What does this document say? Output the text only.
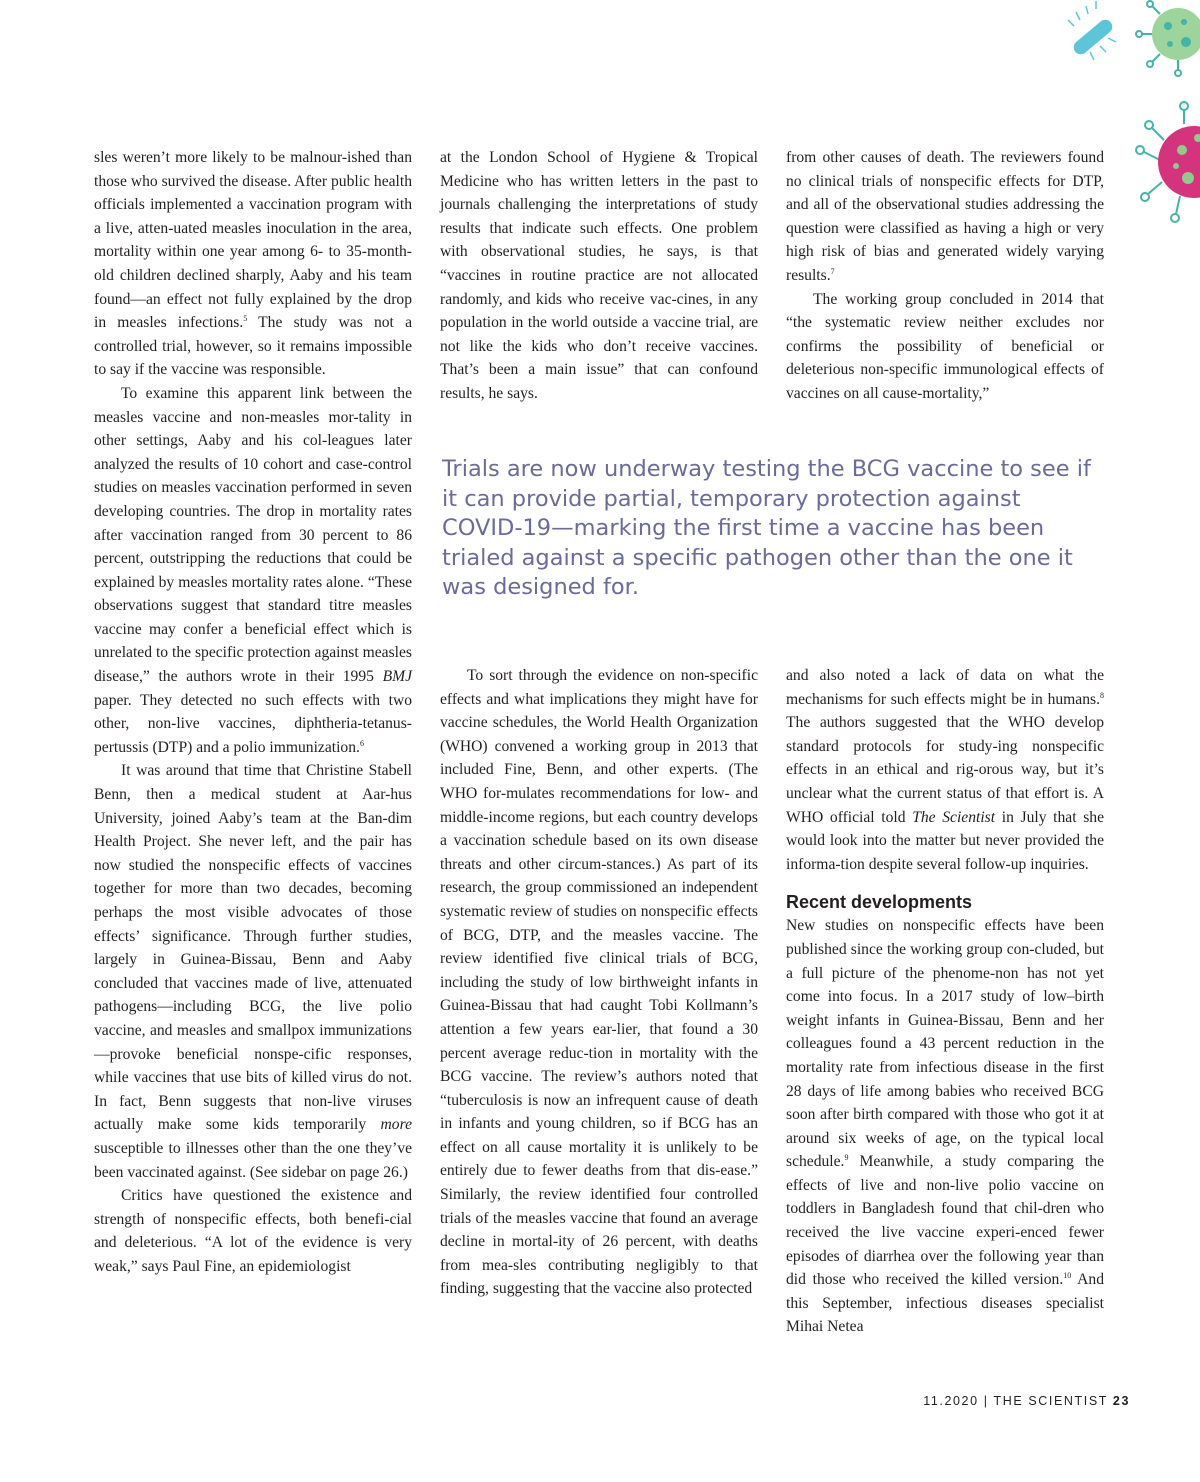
sles weren’t more likely to be malnour-ished than those who survived the disease. After public health officials implemented a vaccination program with a live, atten-uated measles inoculation in the area, mortality within one year among 6- to 35-month-old children declined sharply, Aaby and his team found—an effect not fully explained by the drop in measles infections.$^5$ The study was not a controlled trial, however, so it remains impossible to say if the vaccine was responsible.

To examine this apparent link between the measles vaccine and non-measles mor-tality in other settings, Aaby and his col-leagues later analyzed the results of 10 cohort and case-control studies on measles vaccination performed in seven developing countries. The drop in mortality rates after vaccination ranged from 30 percent to 86 percent, outstripping the reductions that could be explained by measles mortality rates alone. “These observations suggest that standard titre measles vaccine may confer a beneficial effect which is unrelated to the specific protection against measles disease,” the authors wrote in their 1995 BMJ paper. They detected no such effects with two other, non-live vaccines, diphtheria-tetanus-pertussis (DTP) and a polio immunization.$^6$

It was around that time that Christine Stabell Benn, then a medical student at Aar-hus University, joined Aaby’s team at the Ban-dim Health Project. She never left, and the pair has now studied the nonspecific effects of vaccines together for more than two decades, becoming perhaps the most visible advocates of those effects’ significance. Through further studies, largely in Guinea-Bissau, Benn and Aaby concluded that vaccines made of live, attenuated pathogens—including BCG, the live polio vaccine, and measles and smallpox immunizations—provoke beneficial nonspe-cific responses, while vaccines that use bits of killed virus do not. In fact, Benn suggests that non-live viruses actually make some kids temporarily more susceptible to illnesses other than the one they’ve been vaccinated against. (See sidebar on page 26.)

Critics have questioned the existence and strength of nonspecific effects, both benefi-cial and deleterious. “A lot of the evidence is very weak,” says Paul Fine, an epidemiologist

at the London School of Hygiene & Tropical Medicine who has written letters in the past to journals challenging the interpretations of study results that indicate such effects. One problem with observational studies, he says, is that “vaccines in routine practice are not allocated randomly, and kids who receive vac-cines, in any population in the world outside a vaccine trial, are not like the kids who don’t receive vaccines. That’s been a main issue” that can confound results, he says.

from other causes of death. The reviewers found no clinical trials of nonspecific effects for DTP, and all of the observational studies addressing the question were classified as having a high or very high risk of bias and generated widely varying results.$^7$

The working group concluded in 2014 that “the systematic review neither excludes nor confirms the possibility of beneficial or deleterious non-specific immunological effects of vaccines on all cause-mortality,”

Trials are now underway testing the BCG vaccine to see if it can provide partial, temporary protection against COVID-19—marking the first time a vaccine has been trialed against a specific pathogen other than the one it was designed for.

To sort through the evidence on non-specific effects and what implications they might have for vaccine schedules, the World Health Organization (WHO) convened a working group in 2013 that included Fine, Benn, and other experts. (The WHO for-mulates recommendations for low- and middle-income regions, but each country develops a vaccination schedule based on its own disease threats and other circum-stances.) As part of its research, the group commissioned an independent systematic review of studies on nonspecific effects of BCG, DTP, and the measles vaccine. The review identified five clinical trials of BCG, including the study of low birthweight infants in Guinea-Bissau that had caught Tobi Kollmann’s attention a few years ear-lier, that found a 30 percent average reduc-tion in mortality with the BCG vaccine. The review’s authors noted that “tuberculosis is now an infrequent cause of death in infants and young children, so if BCG has an effect on all cause mortality it is unlikely to be entirely due to fewer deaths from that dis-ease.” Similarly, the review identified four controlled trials of the measles vaccine that found an average decline in mortal-ity of 26 percent, with deaths from mea-sles contributing negligibly to that finding, suggesting that the vaccine also protected

and also noted a lack of data on what the mechanisms for such effects might be in humans.$^8$ The authors suggested that the WHO develop standard protocols for study-ing nonspecific effects in an ethical and rig-orous way, but it’s unclear what the current status of that effort is. A WHO official told The Scientist in July that she would look into the matter but never provided the informa-tion despite several follow-up inquiries.

Recent developments

New studies on nonspecific effects have been published since the working group con-cluded, but a full picture of the phenome-non has not yet come into focus. In a 2017 study of low–birth weight infants in Guinea-Bissau, Benn and her colleagues found a 43 percent reduction in the mortality rate from infectious disease in the first 28 days of life among babies who received BCG soon after birth compared with those who got it at around six weeks of age, on the typical local schedule.$^9$ Meanwhile, a study comparing the effects of live and non-live polio vaccine on toddlers in Bangladesh found that chil-dren who received the live vaccine experi-enced fewer episodes of diarrhea over the following year than did those who received the killed version.$^{10}$ And this September, infectious diseases specialist Mihai Netea

11.2020 | THE SCIENTIST 23
